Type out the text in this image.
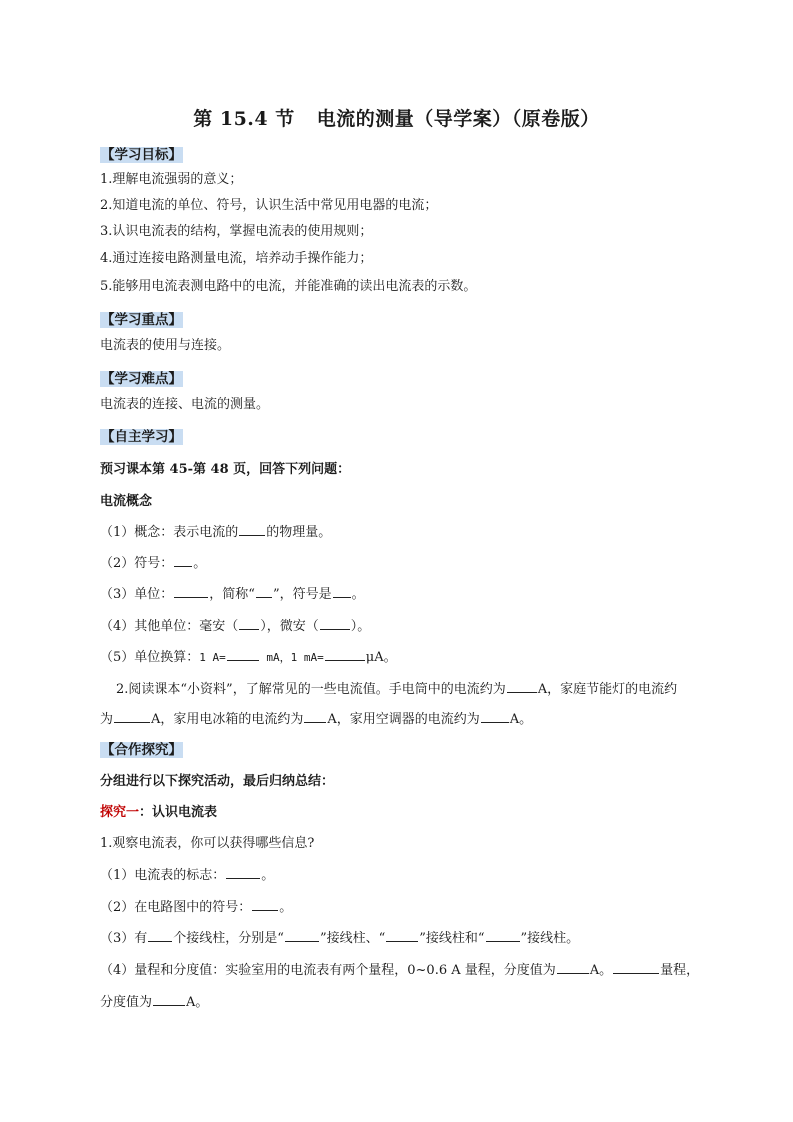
第 15.4 节 电流的测量（导学案）（原卷版）
【学习目标】
1.理解电流强弱的意义；
2.知道电流的单位、符号，认识生活中常见用电器的电流；
3.认识电流表的结构，掌握电流表的使用规则；
4.通过连接电路测量电流，培养动手操作能力；
5.能够用电流表测电路中的电流，并能准确的读出电流表的示数。
【学习重点】
电流表的使用与连接。
【学习难点】
电流表的连接、电流的测量。
【自主学习】
预习课本第 45-第 48 页，回答下列问题：
电流概念
（1）概念：表示电流的 的物理量。
（2）符号： 。
（3）单位：	，简称“ ”，符号是 。
（4）其他单位：毫安（ ），微安（ ）。
（5）单位换算：1 A=	mA，1 mA=	μA。
2.阅读课本“小资料”，了解常见的一些电流值。手电筒中的电流约为 A，家庭节能灯的电流约
为	A，家用电冰箱的电流约为 A，家用空调器的电流约为 A。
【合作探究】
分组进行以下探究活动，最后归纳总结：
探究一：认识电流表
1.观察电流表，你可以获得哪些信息?
（1）电流表的标志：	。
（2）在电路图中的符号： 。
（3）有 个接线柱，分别是“	”接线柱、“	”接线柱和“	”接线柱。
（4）量程和分度值：实验室用的电流表有两个量程，0~0.6 A 量程，分度值为	A。	量程，
分度值为	A。
